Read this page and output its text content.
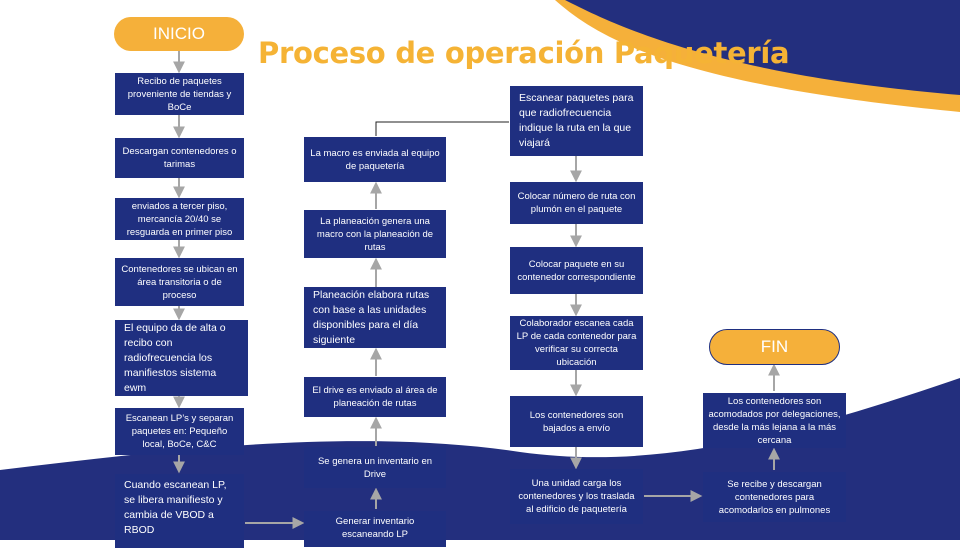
Proceso de operación Paquetería
INICIO
FIN
Recibo de paquetes proveniente de tiendas y BoCe
Descargan contenedores o tarimas
enviados a tercer piso, mercancía 20/40 se resguarda en primer piso
Contenedores se ubican en área transitoria o de proceso
El equipo da de alta o recibo con radiofrecuencia los manifiestos sistema ewm
Escanean LP’s y separan paquetes en: Pequeño local, BoCe, C&C
Cuando escanean LP, se libera manifiesto y cambia de VBOD a RBOD
La macro es enviada al equipo de paquetería
La planeación genera una macro con la planeación de rutas
Planeación elabora rutas con base a las unidades disponibles para el día siguiente
El drive es enviado al área de planeación de rutas
Se genera un inventario en Drive
Generar inventario escaneando LP
Escanear paquetes para que radiofrecuencia indique la ruta en la que viajará
Colocar número de ruta con plumón en el paquete
Colocar paquete en su contenedor correspondiente
Colaborador escanea cada LP de cada contenedor para verificar su correcta ubicación
Los contenedores son bajados a envío
Una unidad carga los contenedores y los traslada al edificio de paquetería
Los contenedores son acomodados por delegaciones, desde la más lejana a la más cercana
Se recibe y descargan contenedores para acomodarlos en pulmones
